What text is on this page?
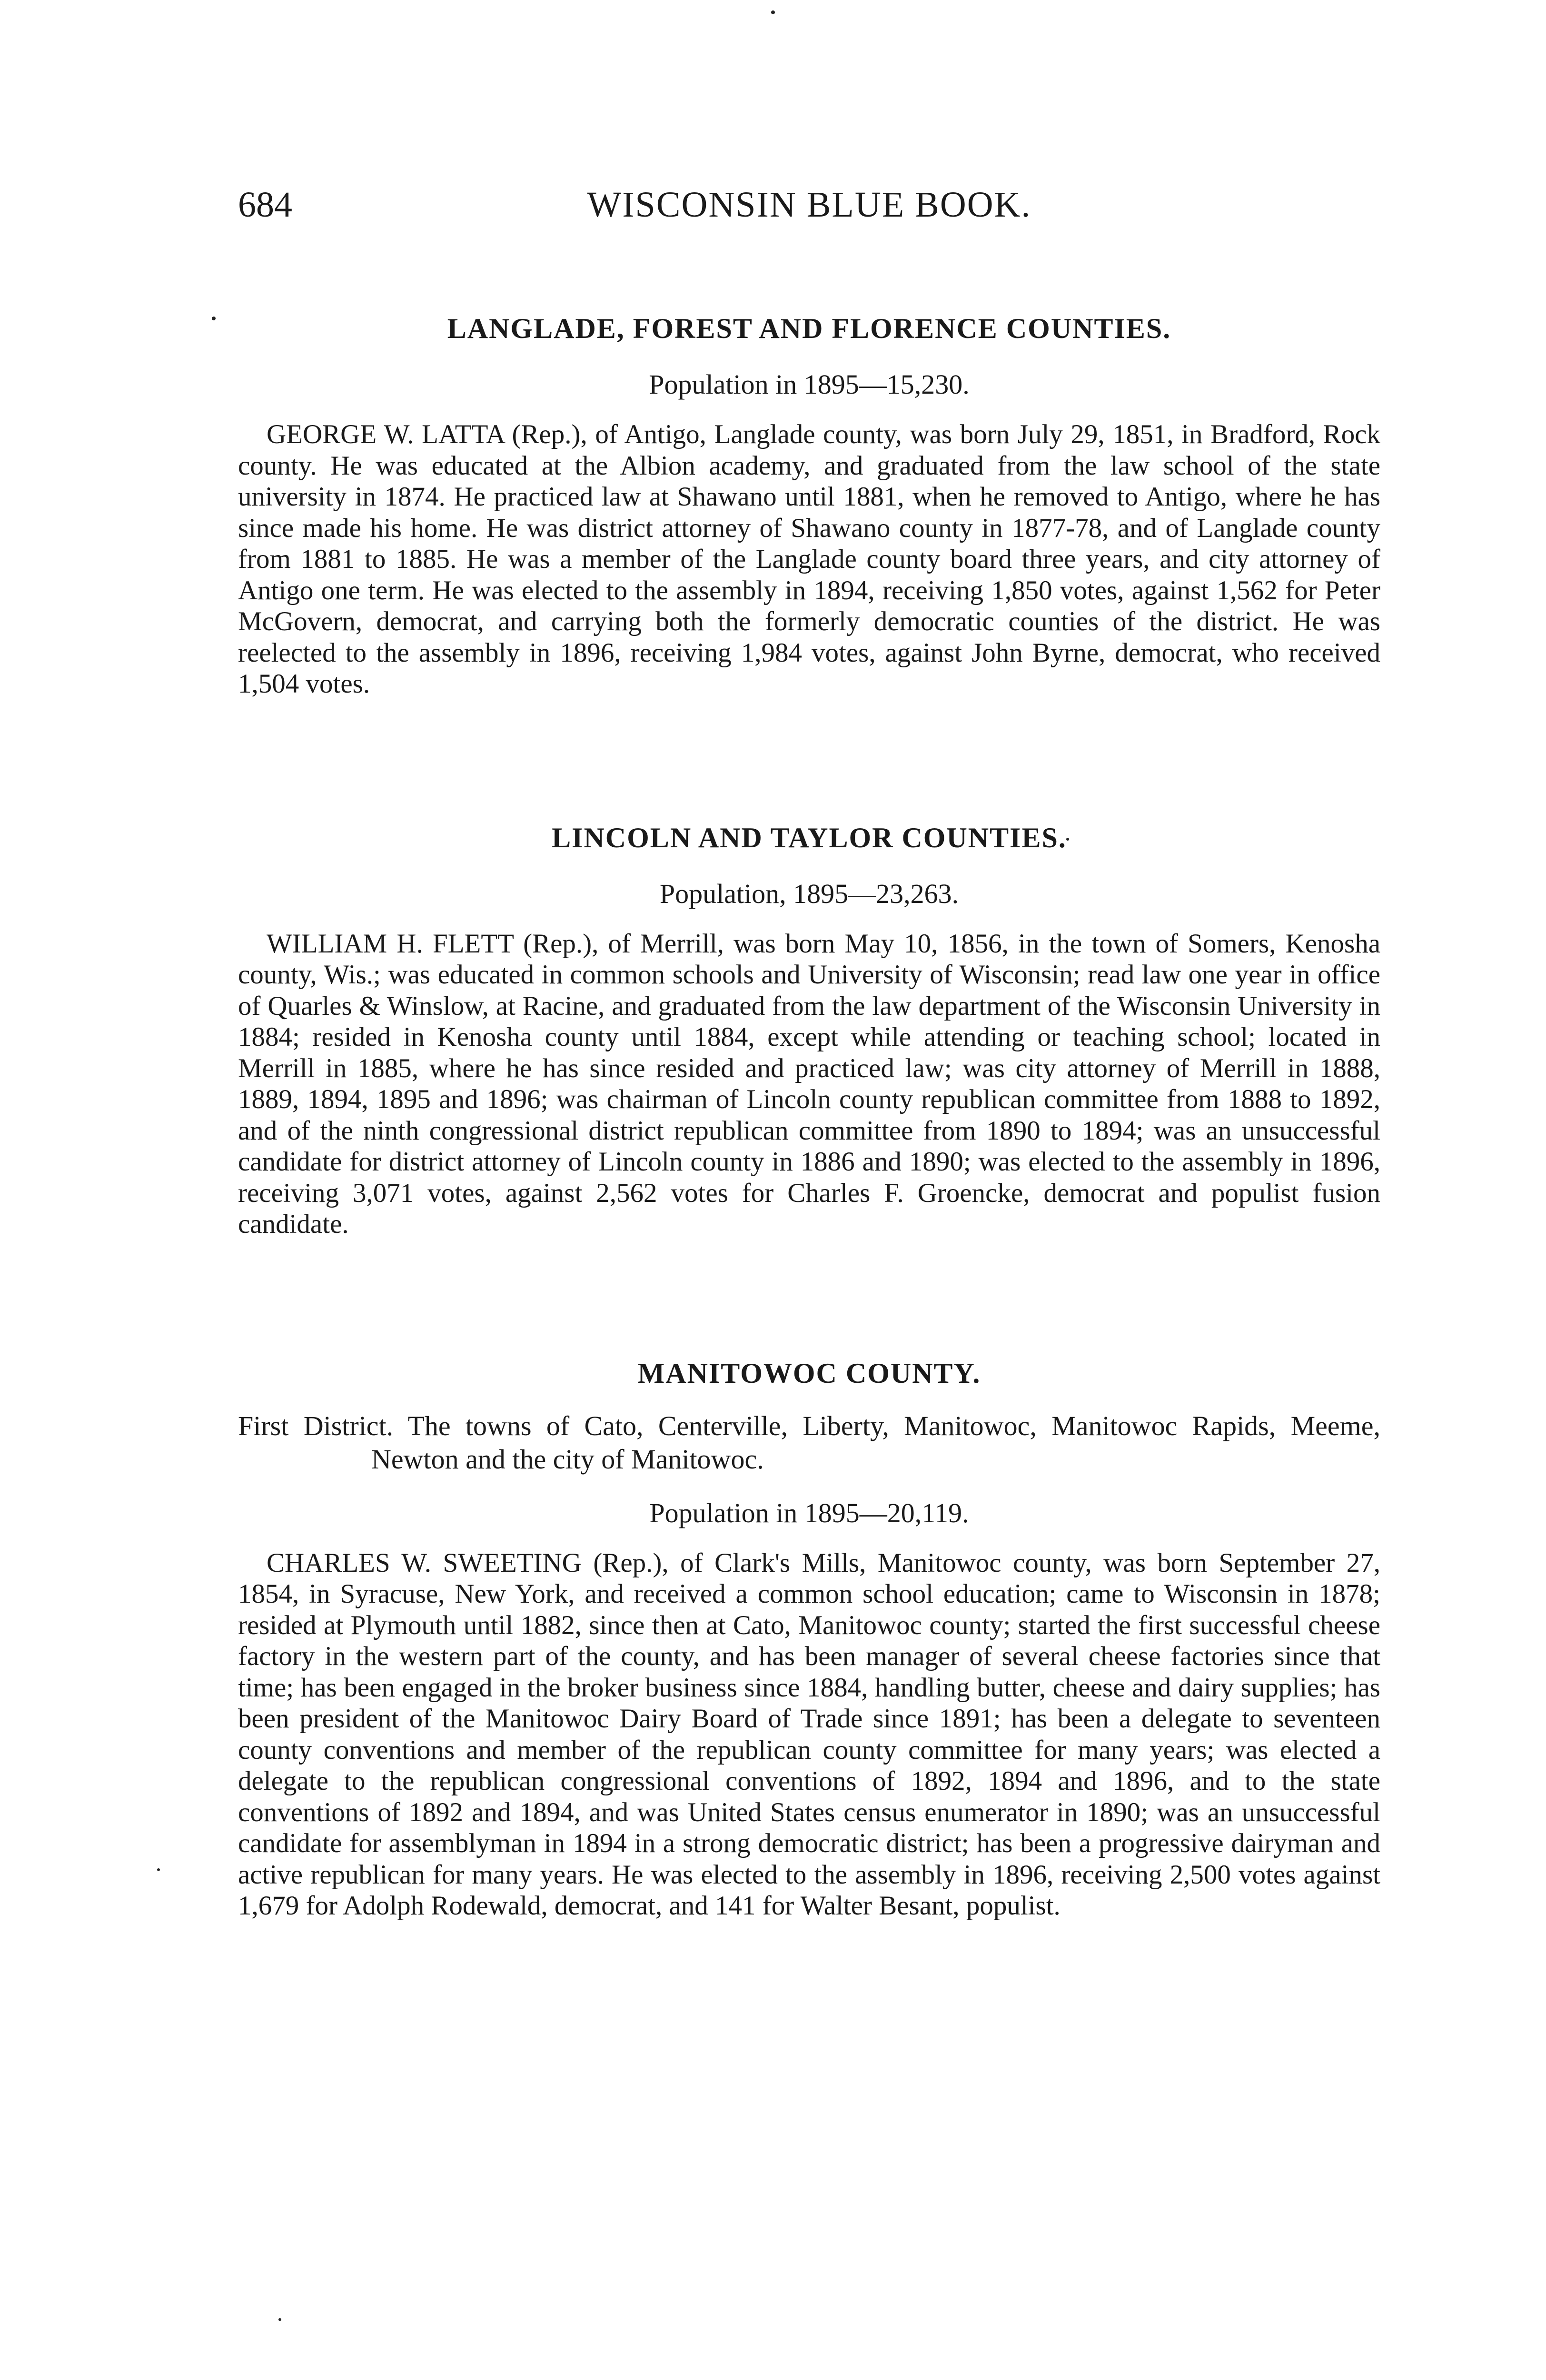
684	WISCONSIN BLUE BOOK.
LANGLADE, FOREST AND FLORENCE COUNTIES.
Population in 1895—15,230.

GEORGE W. LATTA (Rep.), of Antigo, Langlade county, was born July 29, 1851, in Bradford, Rock county. He was educated at the Albion academy, and graduated from the law school of the state university in 1874. He practiced law at Shawano until 1881, when he removed to Antigo, where he has since made his home. He was district attorney of Shawano county in 1877-78, and of Langlade county from 1881 to 1885. He was a member of the Langlade county board three years, and city attorney of Antigo one term. He was elected to the assembly in 1894, receiving 1,850 votes, against 1,562 for Peter McGovern, democrat, and carrying both the formerly democratic counties of the district. He was reelected to the assembly in 1896, receiving 1,984 votes, against John Byrne, democrat, who received 1,504 votes.

LINCOLN AND TAYLOR COUNTIES.
Population, 1895—23,263.

WILLIAM H. FLETT (Rep.), of Merrill, was born May 10, 1856, in the town of Somers, Kenosha county, Wis.; was educated in common schools and University of Wisconsin; read law one year in office of Quarles & Winslow, at Racine, and graduated from the law department of the Wisconsin University in 1884; resided in Kenosha county until 1884, except while attending or teaching school; located in Merrill in 1885, where he has since resided and practiced law; was city attorney of Merrill in 1888, 1889, 1894, 1895 and 1896; was chairman of Lincoln county republican committee from 1888 to 1892, and of the ninth congressional district republican committee from 1890 to 1894; was an unsuccessful candidate for district attorney of Lincoln county in 1886 and 1890; was elected to the assembly in 1896, receiving 3,071 votes, against 2,562 votes for Charles F. Groencke, democrat and populist fusion candidate.

MANITOWOC COUNTY.
First District. The towns of Cato, Centerville, Liberty, Manitowoc, Manitowoc Rapids, Meeme, Newton and the city of Manitowoc.
Population in 1895—20,119.

CHARLES W. SWEETING (Rep.), of Clark's Mills, Manitowoc county, was born September 27, 1854, in Syracuse, New York, and received a common school education; came to Wisconsin in 1878; resided at Plymouth until 1882, since then at Cato, Manitowoc county; started the first successful cheese factory in the western part of the county, and has been manager of several cheese factories since that time; has been engaged in the broker business since 1884, handling butter, cheese and dairy supplies; has been president of the Manitowoc Dairy Board of Trade since 1891; has been a delegate to seventeen county conventions and member of the republican county committee for many years; was elected a delegate to the republican congressional conventions of 1892, 1894 and 1896, and to the state conventions of 1892 and 1894, and was United States census enumerator in 1890; was an unsuccessful candidate for assemblyman in 1894 in a strong democratic district; has been a progressive dairyman and active republican for many years. He was elected to the assembly in 1896, receiving 2,500 votes against 1,679 for Adolph Rodewald, democrat, and 141 for Walter Besant, populist.
